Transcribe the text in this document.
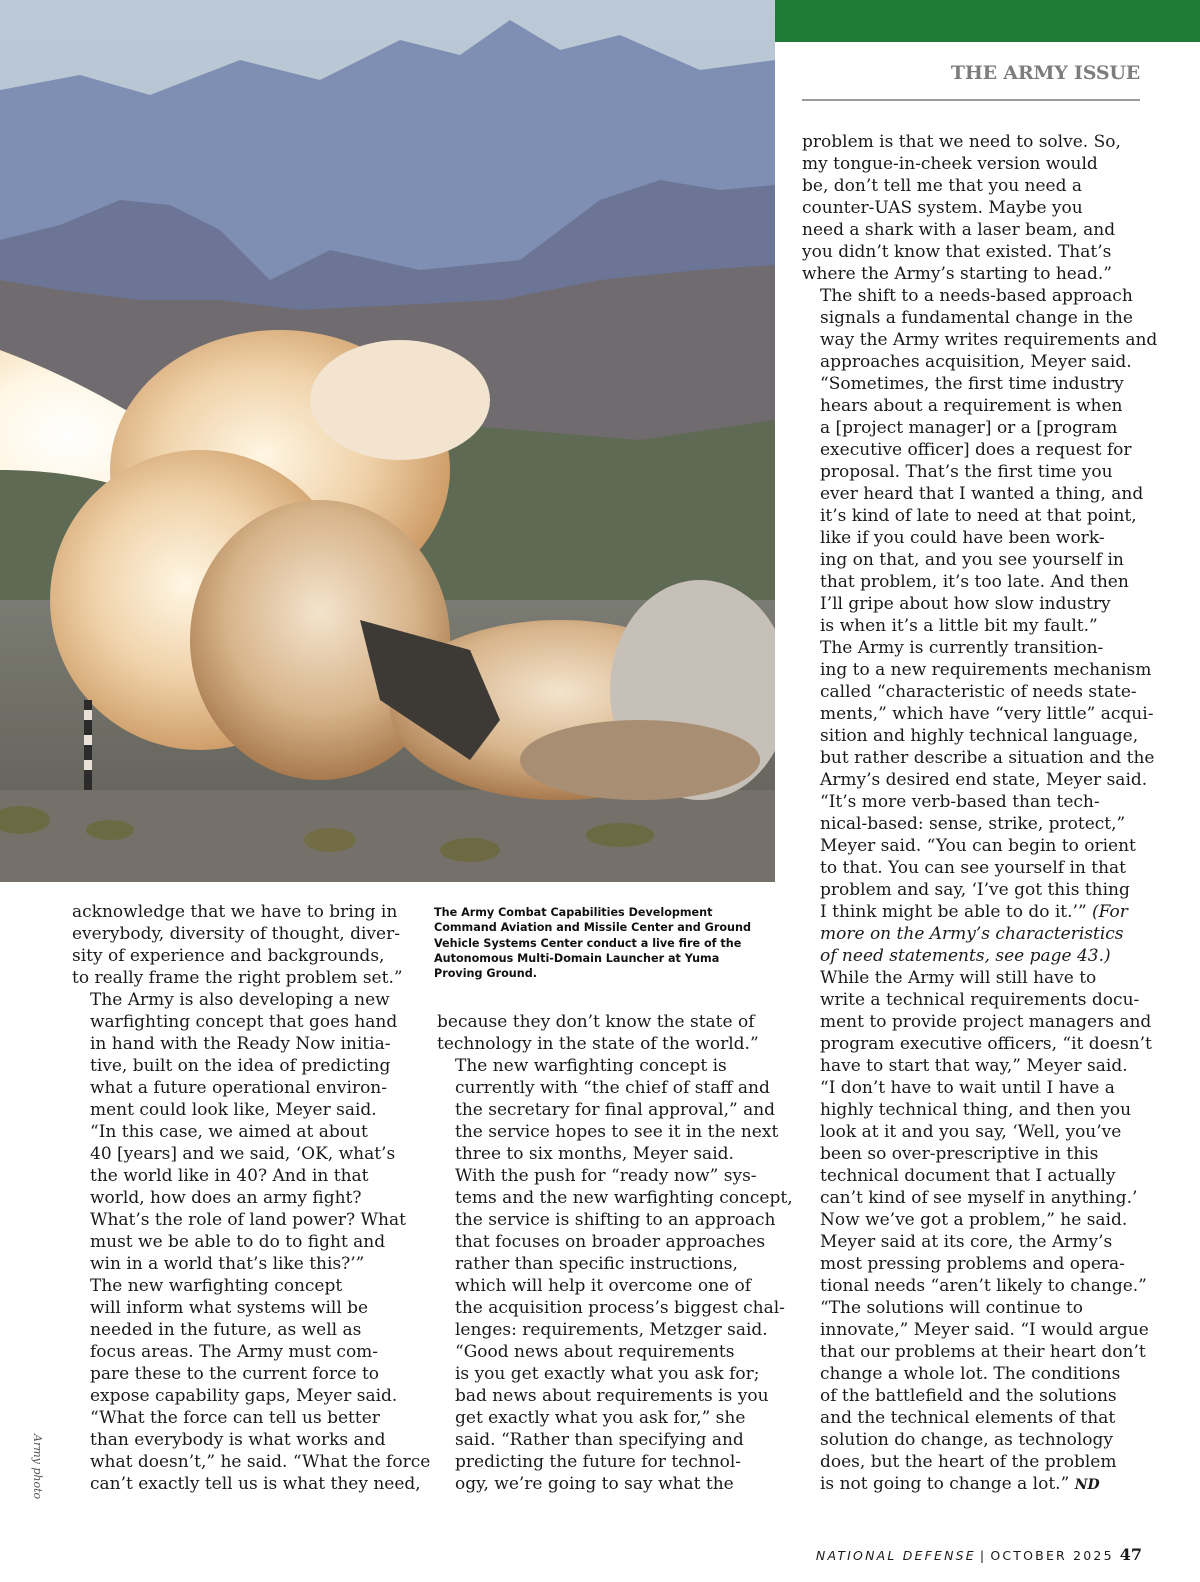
THE ARMY ISSUE
The Army Combat Capabilities Development
Command Aviation and Missile Center and Ground
Vehicle Systems Center conduct a live fire of the
Autonomous Multi-Domain Launcher at Yuma
Proving Ground.

acknowledge that we have to bring in
everybody, diversity of thought, diver-
sity of experience and backgrounds,
to really frame the right problem set.”

The Army is also developing a new
warfighting concept that goes hand
in hand with the Ready Now initia-
tive, built on the idea of predicting
what a future operational environ-
ment could look like, Meyer said.

“In this case, we aimed at about
40 [years] and we said, ‘OK, what’s
the world like in 40? And in that
world, how does an army fight?
What’s the role of land power? What
must we be able to do to fight and
win in a world that’s like this?’”

The new warfighting concept
will inform what systems will be
needed in the future, as well as
focus areas. The Army must com-
pare these to the current force to
expose capability gaps, Meyer said.

“What the force can tell us better
than everybody is what works and
what doesn’t,” he said. “What the force
can’t exactly tell us is what they need,

because they don’t know the state of
technology in the state of the world.”

The new warfighting concept is
currently with “the chief of staff and
the secretary for final approval,” and
the service hopes to see it in the next
three to six months, Meyer said.

With the push for “ready now” sys-
tems and the new warfighting concept,
the service is shifting to an approach
that focuses on broader approaches
rather than specific instructions,
which will help it overcome one of
the acquisition process’s biggest chal-
lenges: requirements, Metzger said.

“Good news about requirements
is you get exactly what you ask for;
bad news about requirements is you
get exactly what you ask for,” she
said. “Rather than specifying and
predicting the future for technol-
ogy, we’re going to say what the

problem is that we need to solve. So,
my tongue-in-cheek version would
be, don’t tell me that you need a
counter-UAS system. Maybe you
need a shark with a laser beam, and
you didn’t know that existed. That’s
where the Army’s starting to head.”

The shift to a needs-based approach
signals a fundamental change in the
way the Army writes requirements and
approaches acquisition, Meyer said.

“Sometimes, the first time industry
hears about a requirement is when
a [project manager] or a [program
executive officer] does a request for
proposal. That’s the first time you
ever heard that I wanted a thing, and
it’s kind of late to need at that point,
like if you could have been work-
ing on that, and you see yourself in
that problem, it’s too late. And then
I’ll gripe about how slow industry
is when it’s a little bit my fault.”

The Army is currently transition-
ing to a new requirements mechanism
called “characteristic of needs state-
ments,” which have “very little” acqui-
sition and highly technical language,
but rather describe a situation and the
Army’s desired end state, Meyer said.

“It’s more verb-based than tech-
nical-based: sense, strike, protect,”
Meyer said. “You can begin to orient
to that. You can see yourself in that
problem and say, ‘I’ve got this thing
I think might be able to do it.’” (For
more on the Army’s characteristics
of need statements, see page 43.)

While the Army will still have to
write a technical requirements docu-
ment to provide project managers and
program executive officers, “it doesn’t
have to start that way,” Meyer said.

“I don’t have to wait until I have a
highly technical thing, and then you
look at it and you say, ‘Well, you’ve
been so over-prescriptive in this
technical document that I actually
can’t kind of see myself in anything.’
Now we’ve got a problem,” he said.

Meyer said at its core, the Army’s
most pressing problems and opera-
tional needs “aren’t likely to change.”

“The solutions will continue to
innovate,” Meyer said. “I would argue
that our problems at their heart don’t
change a whole lot. The conditions
of the battlefield and the solutions
and the technical elements of that
solution do change, as technology
does, but the heart of the problem
is not going to change a lot.” ND

Army photo
NATIONAL DEFENSE | OCTOBER 2025 47
